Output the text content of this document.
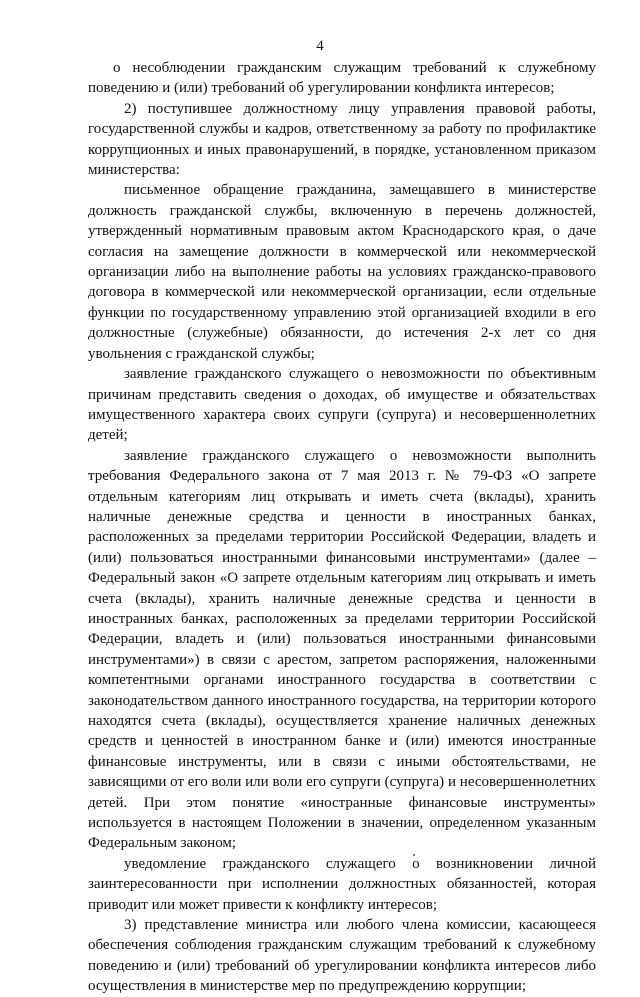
4

о несоблюдении гражданским служащим требований к служебному поведению и (или) требований об урегулировании конфликта интересов;

2) поступившее должностному лицу управления правовой работы, государственной службы и кадров, ответственному за работу по профилактике коррупционных и иных правонарушений, в порядке, установленном приказом министерства:

письменное обращение гражданина, замещавшего в министерстве должность гражданской службы, включенную в перечень должностей, утвержденный нормативным правовым актом Краснодарского края, о даче согласия на замещение должности в коммерческой или некоммерческой организации либо на выполнение работы на условиях гражданско-правового договора в коммерческой или некоммерческой организации, если отдельные функции по государственному управлению этой организацией входили в его должностные (служебные) обязанности, до истечения 2-х лет со дня увольнения с гражданской службы;

заявление гражданского служащего о невозможности по объективным причинам представить сведения о доходах, об имуществе и обязательствах имущественного характера своих супруги (супруга) и несовершеннолетних детей;

заявление гражданского служащего о невозможности выполнить требования Федерального закона от 7 мая 2013 г. № 79-ФЗ «О запрете отдельным категориям лиц открывать и иметь счета (вклады), хранить наличные денежные средства и ценности в иностранных банках, расположенных за пределами территории Российской Федерации, владеть и (или) пользоваться иностранными финансовыми инструментами» (далее – Федеральный закон «О запрете отдельным категориям лиц открывать и иметь счета (вклады), хранить наличные денежные средства и ценности в иностранных банках, расположенных за пределами территории Российской Федерации, владеть и (или) пользоваться иностранными финансовыми инструментами») в связи с арестом, запретом распоряжения, наложенными компетентными органами иностранного государства в соответствии с законодательством данного иностранного государства, на территории которого находятся счета (вклады), осуществляется хранение наличных денежных средств и ценностей в иностранном банке и (или) имеются иностранные финансовые инструменты, или в связи с иными обстоятельствами, не зависящими от его воли или воли его супруги (супруга) и несовершеннолетних детей. При этом понятие «иностранные финансовые инструменты» используется в настоящем Положении в значении, определенном указанным Федеральным законом;

уведомление гражданского служащего о возникновении личной заинтересованности при исполнении должностных обязанностей, которая приводит или может привести к конфликту интересов;

3) представление министра или любого члена комиссии, касающееся обеспечения соблюдения гражданским служащим требований к служебному поведению и (или) требований об урегулировании конфликта интересов либо осуществления в министерстве мер по предупреждению коррупции;
